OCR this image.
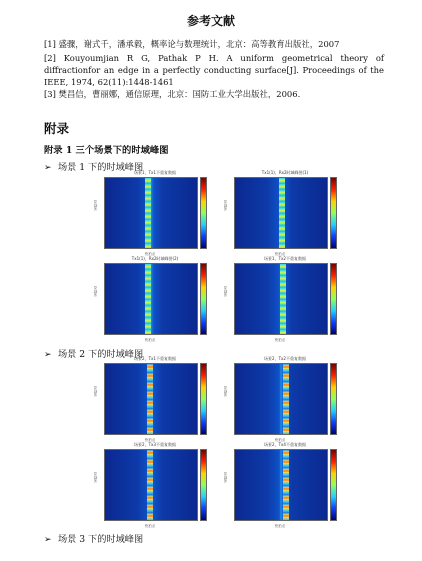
参考文献
[1] 盛骤，谢式千，潘承毅，概率论与数理统计，北京：高等教育出版社，2007
[2] Kouyoumjian R G, Pathak P H. A uniform geometrical theory of diffractionfor an edge in a perfectly conducting surface[J]. Proceedings of the IEEE, 1974, 62(11):1448-1461
[3] 樊昌信，曹丽娜，通信原理，北京：国防工业大学出版社，2006.
附录
附录 1 三个场景下的时域峰图
➢ 场景 1 下的时域峰图
场景1，Tx1不重复数据
采样点
快拍点
Tx1(1)，Rx2时域峰图(1)
采样点
快拍点
Tx1(1)，Rx2时域峰图(2)
采样点
快拍点
场景1，Tx2不重复数据
采样点
快拍点
➢ 场景 2 下的时域峰图
场景2，Tx1不重复数据
采样点
快拍点
场景2，Tx2不重复数据
采样点
快拍点
场景2，Tx3不重复数据
采样点
快拍点
场景2，Tx4不重复数据
采样点
快拍点
➢ 场景 3 下的时域峰图
